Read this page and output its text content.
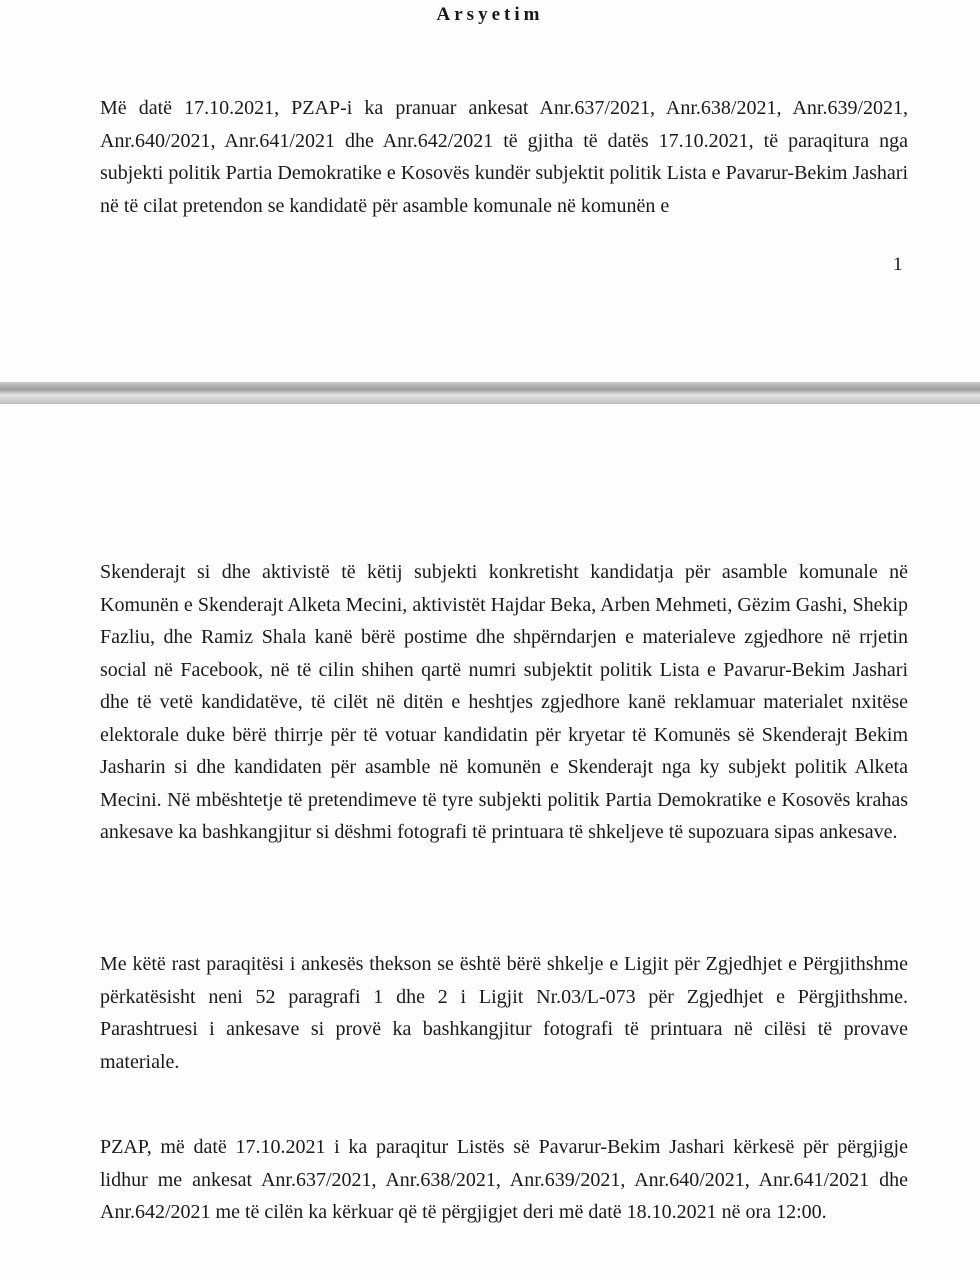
Arsyetim

Më datë 17.10.2021, PZAP-i ka pranuar ankesat Anr.637/2021, Anr.638/2021, Anr.639/2021, Anr.640/2021, Anr.641/2021 dhe Anr.642/2021 të gjitha të datës 17.10.2021, të paraqitura nga subjekti politik Partia Demokratike e Kosovës kundër subjektit politik Lista e Pavarur-Bekim Jashari në të cilat pretendon se kandidatë për asamble komunale në komunën e

1

Skenderajt si dhe aktivistë të këtij subjekti konkretisht kandidatja për asamble komunale në Komunën e Skenderajt Alketa Mecini, aktivistët Hajdar Beka, Arben Mehmeti, Gëzim Gashi, Shekip Fazliu, dhe Ramiz Shala kanë bërë postime dhe shpërndarjen e materialeve zgjedhore në rrjetin social në Facebook, në të cilin shihen qartë numri subjektit politik Lista e Pavarur-Bekim Jashari dhe të vetë kandidatëve, të cilët në ditën e heshtjes zgjedhore kanë reklamuar materialet nxitëse elektorale duke bërë thirrje për të votuar kandidatin për kryetar të Komunës së Skenderajt Bekim Jasharin si dhe kandidaten për asamble në komunën e Skenderajt nga ky subjekt politik Alketa Mecini. Në mbështetje të pretendimeve të tyre subjekti politik Partia Demokratike e Kosovës krahas ankesave ka bashkangjitur si dëshmi fotografi të printuara të shkeljeve të supozuara sipas ankesave.

Me këtë rast paraqitësi i ankesës thekson se është bërë shkelje e Ligjit për Zgjedhjet e Përgjithshme përkatësisht neni 52 paragrafi 1 dhe 2 i Ligjit Nr.03/L-073 për Zgjedhjet e Përgjithshme. Parashtruesi i ankesave si provë ka bashkangjitur fotografi të printuara në cilësi të provave materiale.

PZAP, më datë 17.10.2021 i ka paraqitur Listës së Pavarur-Bekim Jashari kërkesë për përgjigje lidhur me ankesat Anr.637/2021, Anr.638/2021, Anr.639/2021, Anr.640/2021, Anr.641/2021 dhe Anr.642/2021 me të cilën ka kërkuar që të përgjigjet deri më datë 18.10.2021 në ora 12:00.
